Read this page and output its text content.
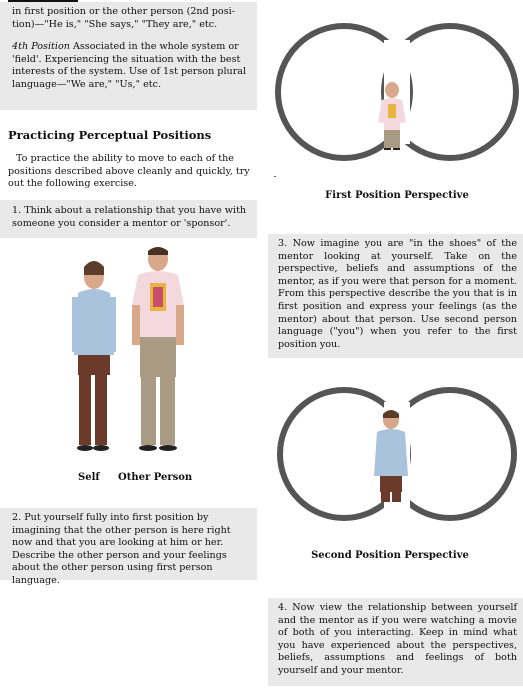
in first position or the other person (2nd posi-
tion)—"He is," "She says," "They are," etc.
4th Position Associated in the whole system or 'field'. Experiencing the situation with the best interests of the system. Use of 1st person plural language—"We are," "Us," etc.
Practicing Perceptual Positions
To practice the ability to move to each of the positions described above cleanly and quickly, try out the following exercise.
1. Think about a relationship that you have with someone you consider a mentor or 'sponsor'.
Self Other Person
2. Put yourself fully into first position by imagining that the other person is here right now and that you are looking at him or her. Describe the other person and your feelings about the other person using first person language.
First Position Perspective
3. Now imagine you are "in the shoes" of the mentor looking at yourself. Take on the perspective, beliefs and assumptions of the mentor, as if you were that person for a moment. From this perspective describe the you that is in first position and express your feelings (as the mentor) about that person. Use second person language ("you") when you refer to the first position you.
Second Position Perspective
4. Now view the relationship between yourself and the mentor as if you were watching a movie of both of you interacting. Keep in mind what you have experienced about the perspectives, beliefs, assumptions and feelings of both yourself and your mentor.
